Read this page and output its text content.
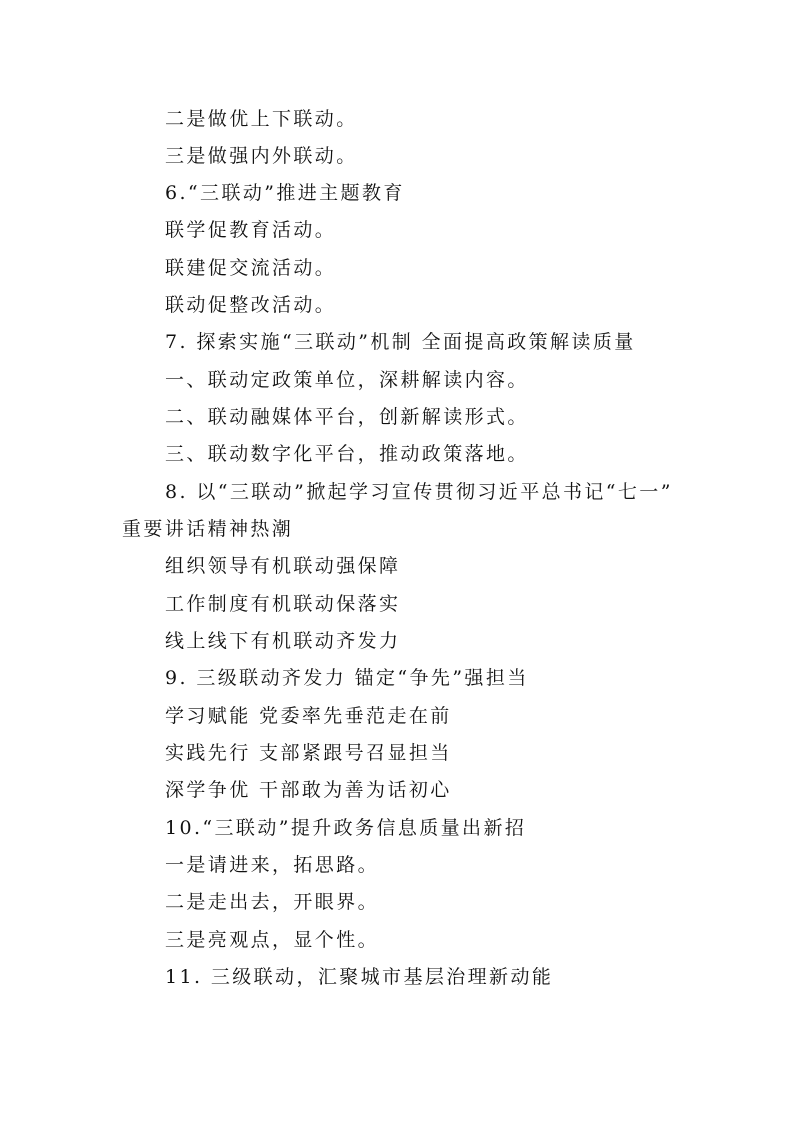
二是做优上下联动。
三是做强内外联动。
6.“三联动”推进主题教育
联学促教育活动。
联建促交流活动。
联动促整改活动。
7. 探索实施“三联动”机制 全面提高政策解读质量
一、联动定政策单位，深耕解读内容。
二、联动融媒体平台，创新解读形式。
三、联动数字化平台，推动政策落地。
8. 以“三联动”掀起学习宣传贯彻习近平总书记“七一”
重要讲话精神热潮
组织领导有机联动强保障
工作制度有机联动保落实
线上线下有机联动齐发力
9. 三级联动齐发力 锚定“争先”强担当
学习赋能 党委率先垂范走在前
实践先行 支部紧跟号召显担当
深学争优 干部敢为善为话初心
10.“三联动”提升政务信息质量出新招
一是请进来，拓思路。
二是走出去，开眼界。
三是亮观点，显个性。
11. 三级联动，汇聚城市基层治理新动能
